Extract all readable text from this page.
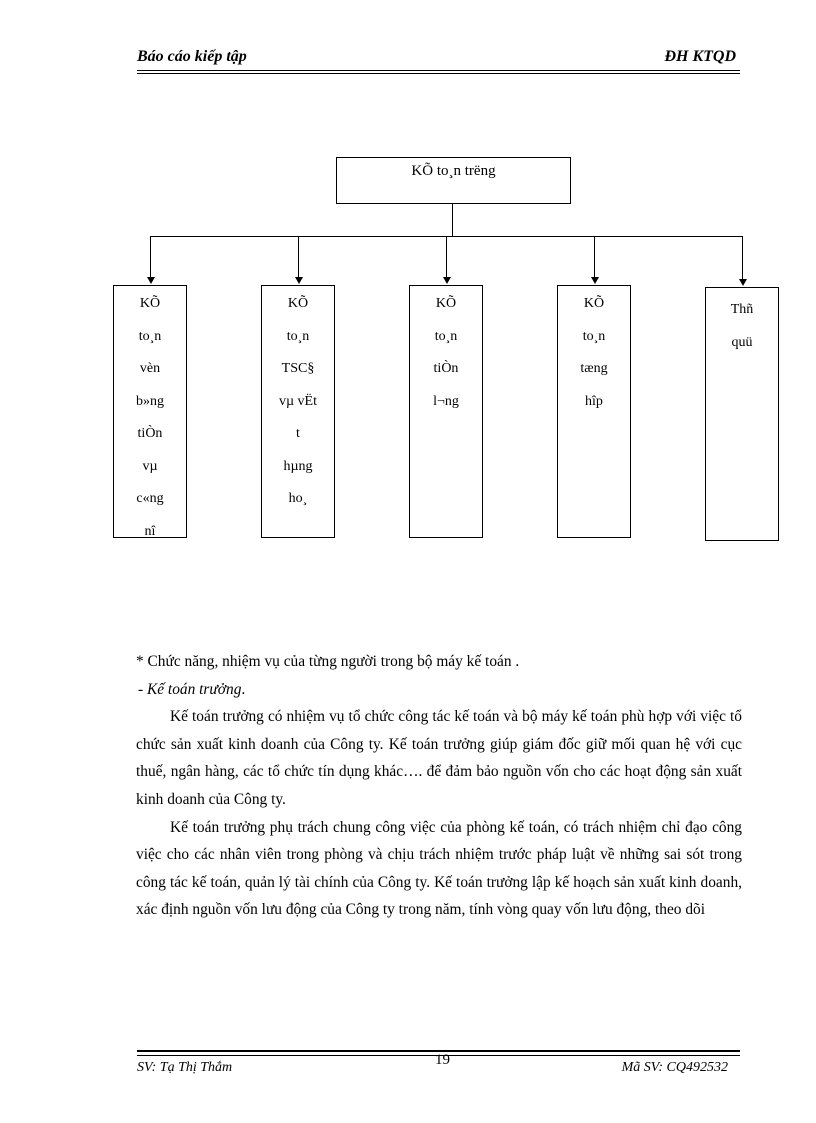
Báo cáo kiếp tập	ĐH KTQD
KÕ to¸n trëng
KÕ
to¸n
vèn
b»ng
tiÒn
vµ
c«ng
nî
KÕ
to¸n
TSC§
vµ vËt
t
hµng
ho¸
KÕ
to¸n
tiÒn
l¬ng
KÕ
to¸n
tæng
hîp
Thñ
quü

* Chức năng, nhiệm vụ của từng người trong bộ máy kế toán .

- Kế toán trưởng.

Kế toán trưởng có nhiệm vụ tổ chức công tác kế toán và bộ máy kế toán phù hợp với việc tổ chức sản xuất kinh doanh của Công ty. Kế toán trưởng giúp giám đốc giữ mối quan hệ với cục thuế, ngân hàng, các tổ chức tín dụng khác…. để đảm bảo nguồn vốn cho các hoạt động sản xuất kinh doanh của Công ty.

Kế toán trưởng phụ trách chung công việc của phòng kế toán, có trách nhiệm chỉ đạo công việc cho các nhân viên trong phòng và chịu trách nhiệm trước pháp luật về những sai sót trong công tác kế toán, quản lý tài chính của Công ty. Kế toán trưởng lập kế hoạch sản xuất kinh doanh, xác định nguồn vốn lưu động của Công ty trong năm, tính vòng quay vốn lưu động, theo dõi

SV: Tạ Thị Thắm	19	Mã SV: CQ492532
